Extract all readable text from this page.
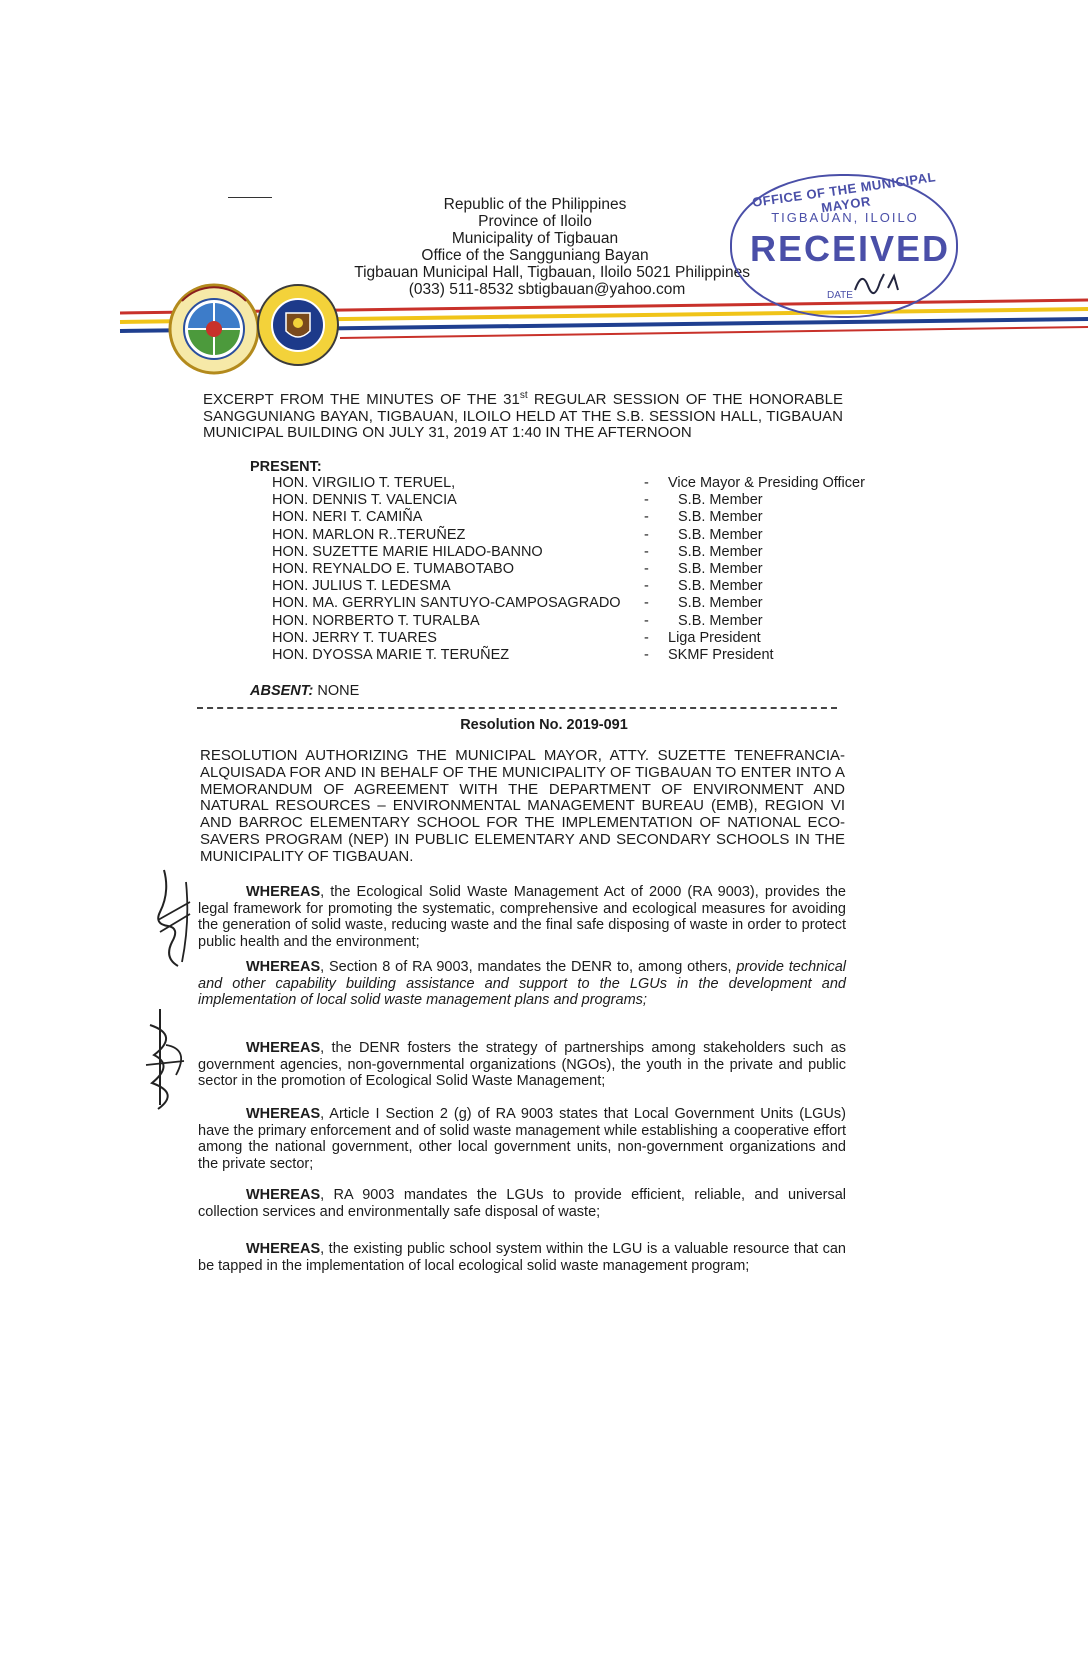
Republic of the Philippines
Province of Iloilo
Municipality of Tigbauan
Office of the Sangguniang Bayan
Tigbauan Municipal Hall, Tigbauan, Iloilo 5021 Philippines
(033) 511-8532 sbtigbauan@yahoo.com
OFFICE OF THE MUNICIPAL MAYOR
TIGBAUAN, ILOILO
RECEIVED
DATE
EXCERPT FROM THE MINUTES OF THE 31st REGULAR SESSION OF THE HONORABLE
SANGGUNIANG BAYAN, TIGBAUAN, ILOILO HELD AT THE S.B. SESSION HALL, TIGBAUAN
MUNICIPAL BUILDING ON JULY 31, 2019 AT 1:40 IN THE AFTERNOON
PRESENT:
HON. VIRGILIO T. TERUEL,	- Vice Mayor & Presiding Officer
HON. DENNIS T. VALENCIA	- S.B. Member
HON. NERI T. CAMIÑA	- S.B. Member
HON. MARLON R..TERUÑEZ	- S.B. Member
HON. SUZETTE MARIE HILADO-BANNO	- S.B. Member
HON. REYNALDO E. TUMABOTABO	- S.B. Member
HON. JULIUS T. LEDESMA	- S.B. Member
HON. MA. GERRYLIN SANTUYO-CAMPOSAGRADO - S.B. Member
HON. NORBERTO T. TURALBA	- S.B. Member
HON. JERRY T. TUARES	- Liga President
HON. DYOSSA MARIE T. TERUÑEZ	- SKMF President
ABSENT: NONE
Resolution No. 2019-091
RESOLUTION AUTHORIZING THE MUNICIPAL MAYOR, ATTY. SUZETTE TENEFRANCIA-ALQUISADA FOR AND IN BEHALF OF THE MUNICIPALITY OF TIGBAUAN TO ENTER INTO A MEMORANDUM OF AGREEMENT WITH THE DEPARTMENT OF ENVIRONMENT AND NATURAL RESOURCES – ENVIRONMENTAL MANAGEMENT BUREAU (EMB), REGION VI AND BARROC ELEMENTARY SCHOOL FOR THE IMPLEMENTATION OF NATIONAL ECO-SAVERS PROGRAM (NEP) IN PUBLIC ELEMENTARY AND SECONDARY SCHOOLS IN THE MUNICIPALITY OF TIGBAUAN.
WHEREAS, the Ecological Solid Waste Management Act of 2000 (RA 9003), provides the legal framework for promoting the systematic, comprehensive and ecological measures for avoiding the generation of solid waste, reducing waste and the final safe disposing of waste in order to protect public health and the environment;
WHEREAS, Section 8 of RA 9003, mandates the DENR to, among others, provide technical and other capability building assistance and support to the LGUs in the development and implementation of local solid waste management plans and programs;
WHEREAS, the DENR fosters the strategy of partnerships among stakeholders such as government agencies, non-governmental organizations (NGOs), the youth in the private and public sector in the promotion of Ecological Solid Waste Management;
WHEREAS, Article I Section 2 (g) of RA 9003 states that Local Government Units (LGUs) have the primary enforcement and of solid waste management while establishing a cooperative effort among the national government, other local government units, non-government organizations and the private sector;
WHEREAS, RA 9003 mandates the LGUs to provide efficient, reliable, and universal collection services and environmentally safe disposal of waste;
WHEREAS, the existing public school system within the LGU is a valuable resource that can be tapped in the implementation of local ecological solid waste management program;
